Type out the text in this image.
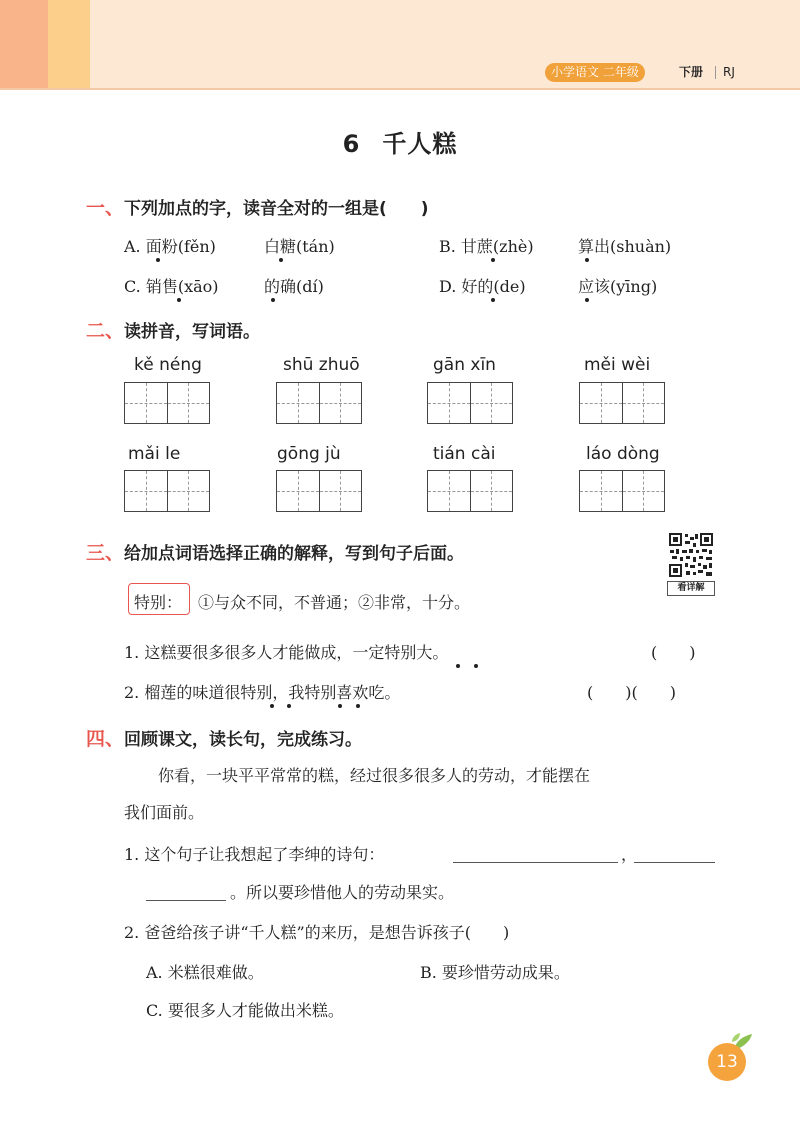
小学语文 二年级	下册 RJ
6 千人糕
一、下列加点的字，读音全对的一组是(　　)
A. 面粉(fěn)	白糖(tán)	B. 甘蔗(zhè)	算出(shuàn)
C. 销售(xāo)	的确(dí)	D. 好的(de)	应该(yīng)
二、读拼音，写词语。
kě néng	shū zhuō	gān xīn	měi wèi
mǎi le	gōng jù	tián cài	láo dòng
三、给加点词语选择正确的解释，写到句子后面。
看详解
特别： ①与众不同，不普通；②非常，十分。
1. 这糕要很多很多人才能做成，一定特别大。	(　　)
2. 榴莲的味道很特别，我特别喜欢吃。	(　　)(　　)
四、回顾课文，读长句，完成练习。
你看，一块平平常常的糕，经过很多很多人的劳动，才能摆在
我们面前。
1. 这个句子让我想起了李绅的诗句：	，
。所以要珍惜他人的劳动果实。
2. 爸爸给孩子讲“千人糕”的来历，是想告诉孩子(　　)
A. 米糕很难做。	B. 要珍惜劳动成果。
C. 要很多人才能做出米糕。
13
